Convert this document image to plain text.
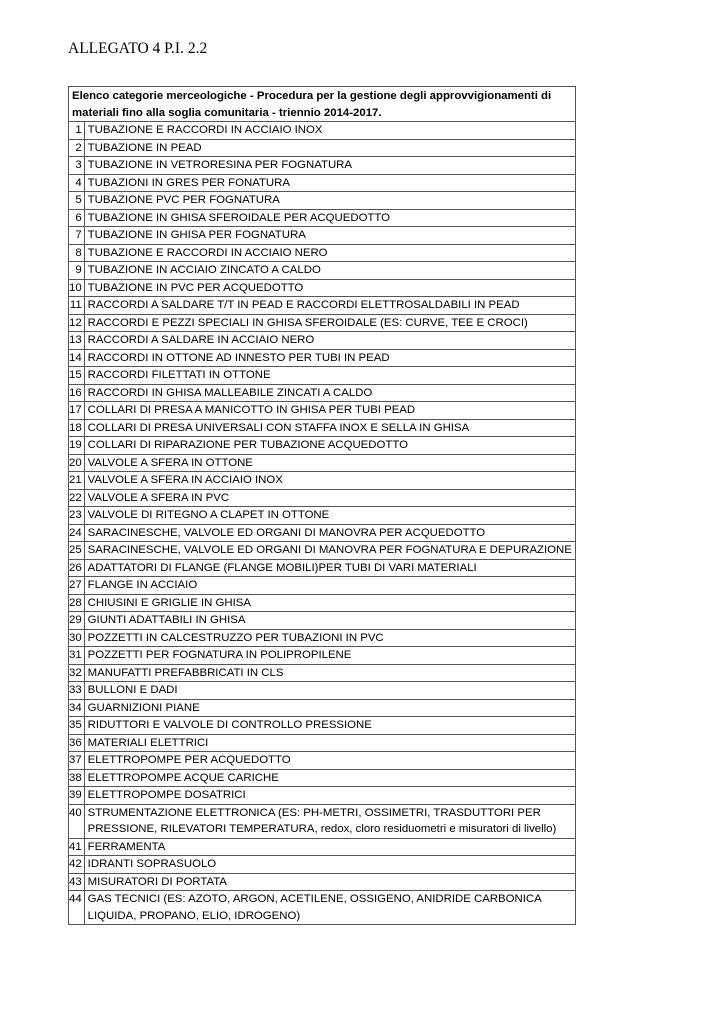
ALLEGATO 4 P.I. 2.2
Elenco categorie merceologiche - Procedura per la gestione degli approvvigionamenti di materiali fino alla soglia comunitaria - triennio 2014-2017.	
1	TUBAZIONE E RACCORDI IN ACCIAIO INOX
2	TUBAZIONE IN PEAD
3	TUBAZIONE IN VETRORESINA PER FOGNATURA
4	TUBAZIONI IN GRES PER FONATURA
5	TUBAZIONE PVC PER FOGNATURA
6	TUBAZIONE IN GHISA SFEROIDALE PER ACQUEDOTTO
7	TUBAZIONE IN GHISA PER FOGNATURA
8	TUBAZIONE E RACCORDI IN ACCIAIO NERO
9	TUBAZIONE IN ACCIAIO ZINCATO A CALDO
10	TUBAZIONE IN PVC PER ACQUEDOTTO
11	RACCORDI A SALDARE T/T IN PEAD E RACCORDI ELETTROSALDABILI IN PEAD
12	RACCORDI E PEZZI SPECIALI IN GHISA SFEROIDALE (ES: CURVE, TEE E CROCI)
13	RACCORDI A SALDARE IN ACCIAIO NERO
14	RACCORDI IN OTTONE AD INNESTO PER TUBI IN PEAD
15	RACCORDI FILETTATI IN OTTONE
16	RACCORDI IN GHISA MALLEABILE ZINCATI A CALDO
17	COLLARI DI PRESA A MANICOTTO IN GHISA PER TUBI PEAD
18	COLLARI DI PRESA UNIVERSALI CON STAFFA INOX E SELLA IN GHISA
19	COLLARI DI RIPARAZIONE PER TUBAZIONE ACQUEDOTTO
20	VALVOLE A SFERA IN OTTONE
21	VALVOLE A SFERA IN ACCIAIO INOX
22	VALVOLE A SFERA IN PVC
23	VALVOLE DI RITEGNO A CLAPET IN OTTONE
24	SARACINESCHE, VALVOLE ED ORGANI DI MANOVRA PER ACQUEDOTTO
25	SARACINESCHE, VALVOLE ED ORGANI DI MANOVRA PER FOGNATURA E DEPURAZIONE
26	ADATTATORI DI FLANGE (FLANGE MOBILI)PER TUBI DI VARI MATERIALI
27	FLANGE IN ACCIAIO
28	CHIUSINI E GRIGLIE IN GHISA
29	GIUNTI ADATTABILI IN GHISA
30	POZZETTI IN CALCESTRUZZO PER TUBAZIONI IN PVC
31	POZZETTI PER FOGNATURA IN POLIPROPILENE
32	MANUFATTI PREFABBRICATI IN CLS
33	BULLONI E DADI
34	GUARNIZIONI PIANE
35	RIDUTTORI E VALVOLE DI CONTROLLO PRESSIONE
36	MATERIALI ELETTRICI
37	ELETTROPOMPE PER ACQUEDOTTO
38	ELETTROPOMPE ACQUE CARICHE
39	ELETTROPOMPE DOSATRICI
40	STRUMENTAZIONE ELETTRONICA (ES: PH-METRI, OSSIMETRI, TRASDUTTORI PER PRESSIONE, RILEVATORI TEMPERATURA, redox, cloro residuometri e misuratori di livello)
41	FERRAMENTA
42	IDRANTI SOPRASUOLO
43	MISURATORI DI PORTATA
44	GAS TECNICI (ES: AZOTO, ARGON, ACETILENE, OSSIGENO, ANIDRIDE CARBONICA LIQUIDA, PROPANO, ELIO, IDROGENO)
